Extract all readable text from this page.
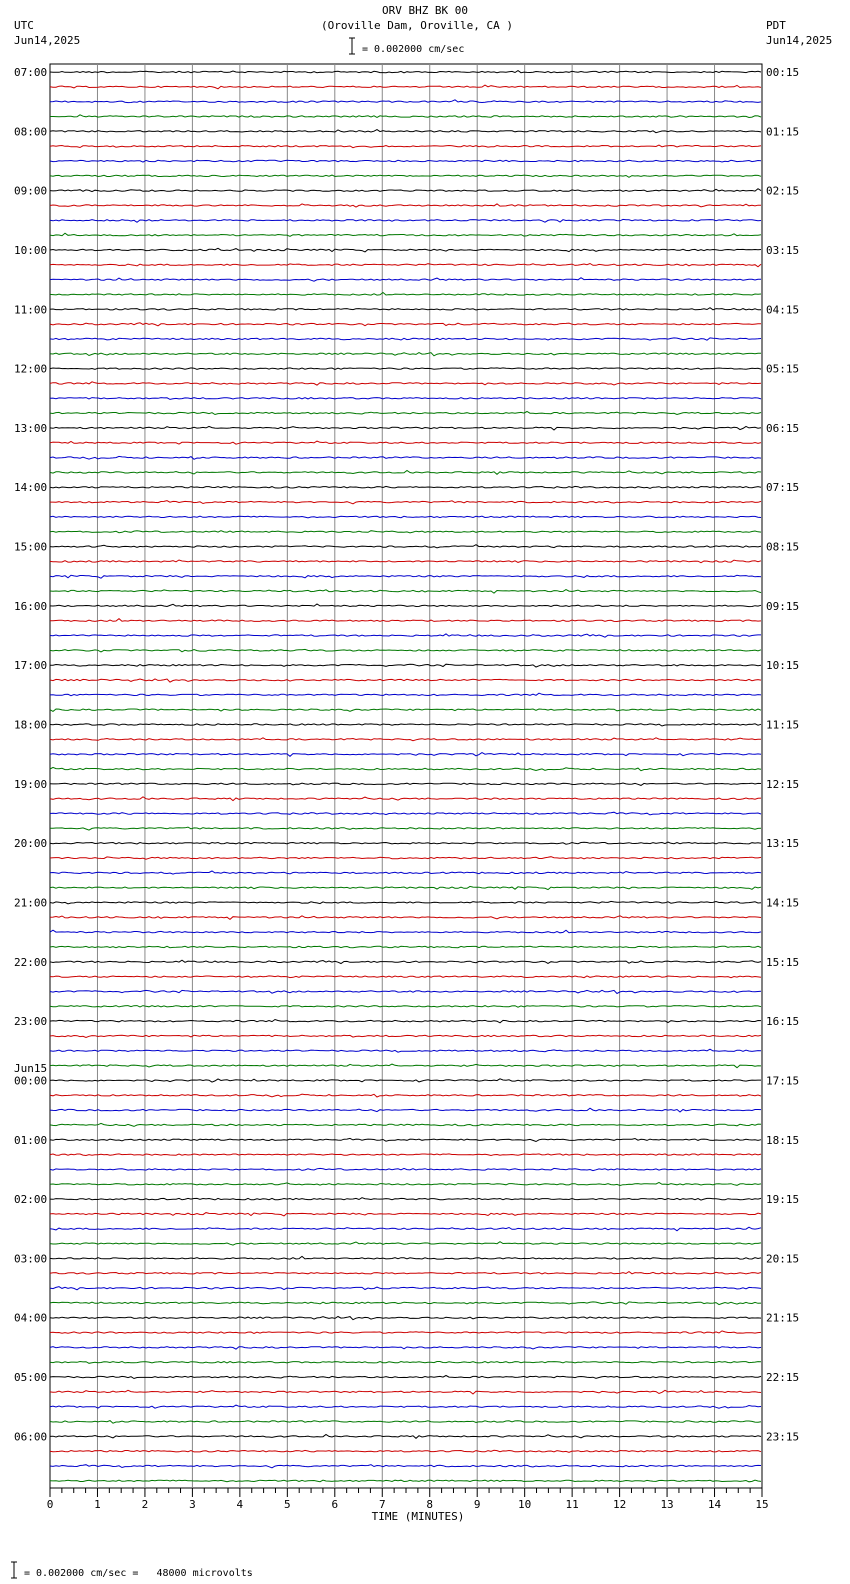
07:00
08:00
09:00
10:00
11:00
12:00
13:00
14:00
15:00
16:00
17:00
18:00
19:00
20:00
21:00
22:00
23:00
00:00
01:00
02:00
03:00
04:00
05:00
06:00
00:15
01:15
02:15
03:15
04:15
05:15
06:15
07:15
08:15
09:15
10:15
11:15
12:15
13:15
14:15
15:15
16:15
17:15
18:15
19:15
20:15
21:15
22:15
23:15
0	1	2	3	4	5	6	7	8	9	10	11	12	13	14	15
ORV BHZ BK 00
(Oroville Dam, Oroville, CA )
UTC
Jun14,2025
PDT
Jun14,2025
= 0.002000 cm/sec
Jun15
TIME (MINUTES)
= 0.002000 cm/sec =   48000 microvolts
